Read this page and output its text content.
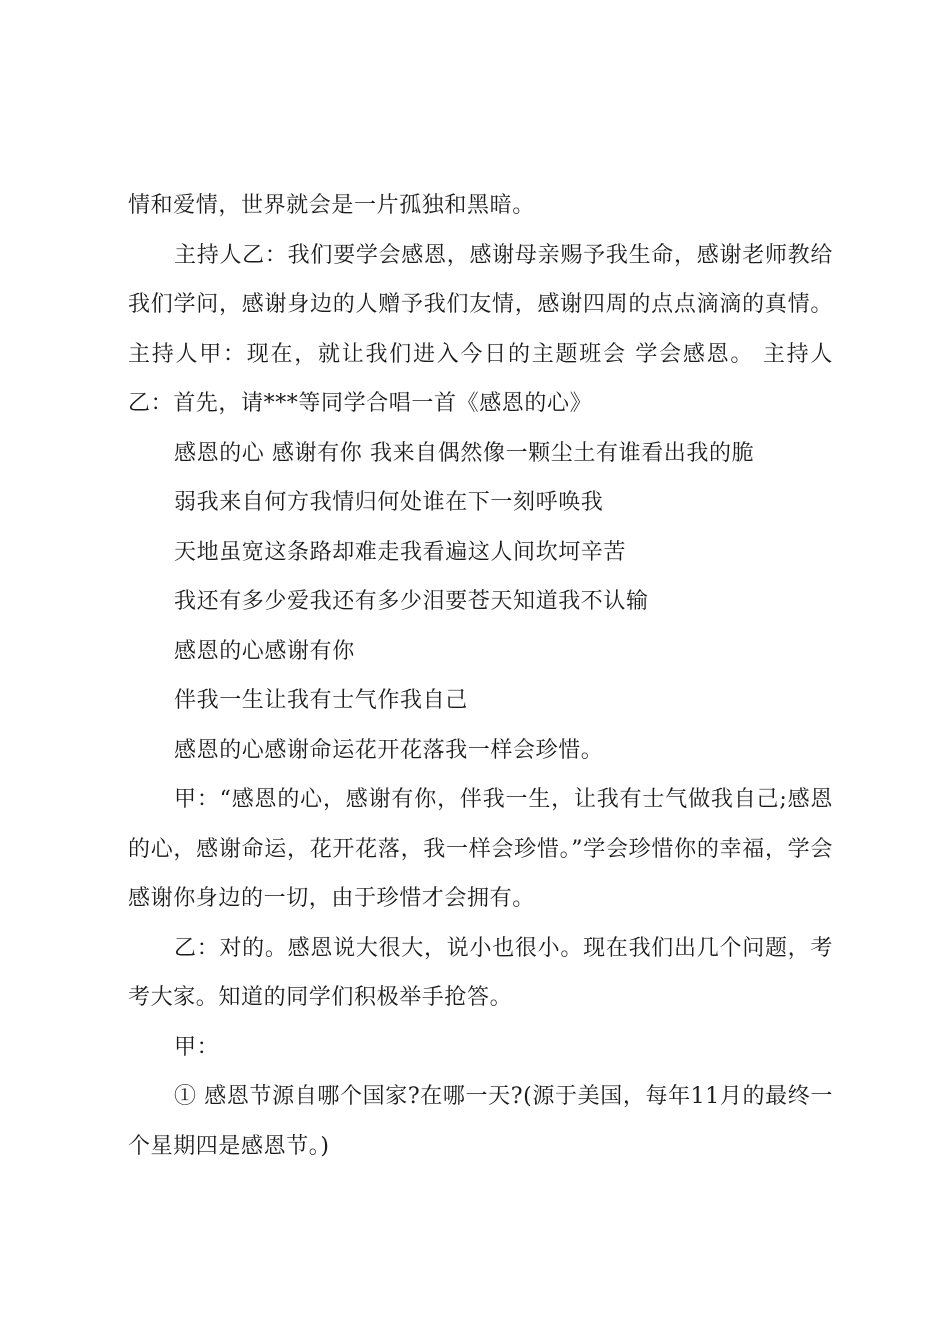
情和爱情，世界就会是一片孤独和黑暗。

主持人乙：我们要学会感恩，感谢母亲赐予我生命，感谢老师教给我们学问，感谢身边的人赠予我们友情，感谢四周的点点滴滴的真情。主持人甲：现在，就让我们进入今日的主题班会 学会感恩。 主持人乙：首先，请***等同学合唱一首《感恩的心》

感恩的心 感谢有你 我来自偶然像一颗尘土有谁看出我的脆

弱我来自何方我情归何处谁在下一刻呼唤我

天地虽宽这条路却难走我看遍这人间坎坷辛苦

我还有多少爱我还有多少泪要苍天知道我不认输

感恩的心感谢有你

伴我一生让我有士气作我自己

感恩的心感谢命运花开花落我一样会珍惜。

甲：“感恩的心，感谢有你，伴我一生，让我有士气做我自己;感恩的心，感谢命运，花开花落，我一样会珍惜。”学会珍惜你的幸福，学会感谢你身边的一切，由于珍惜才会拥有。

乙：对的。感恩说大很大，说小也很小。现在我们出几个问题，考考大家。知道的同学们积极举手抢答。

甲：

① 感恩节源自哪个国家?在哪一天?(源于美国，每年11月的最终一个星期四是感恩节。)
